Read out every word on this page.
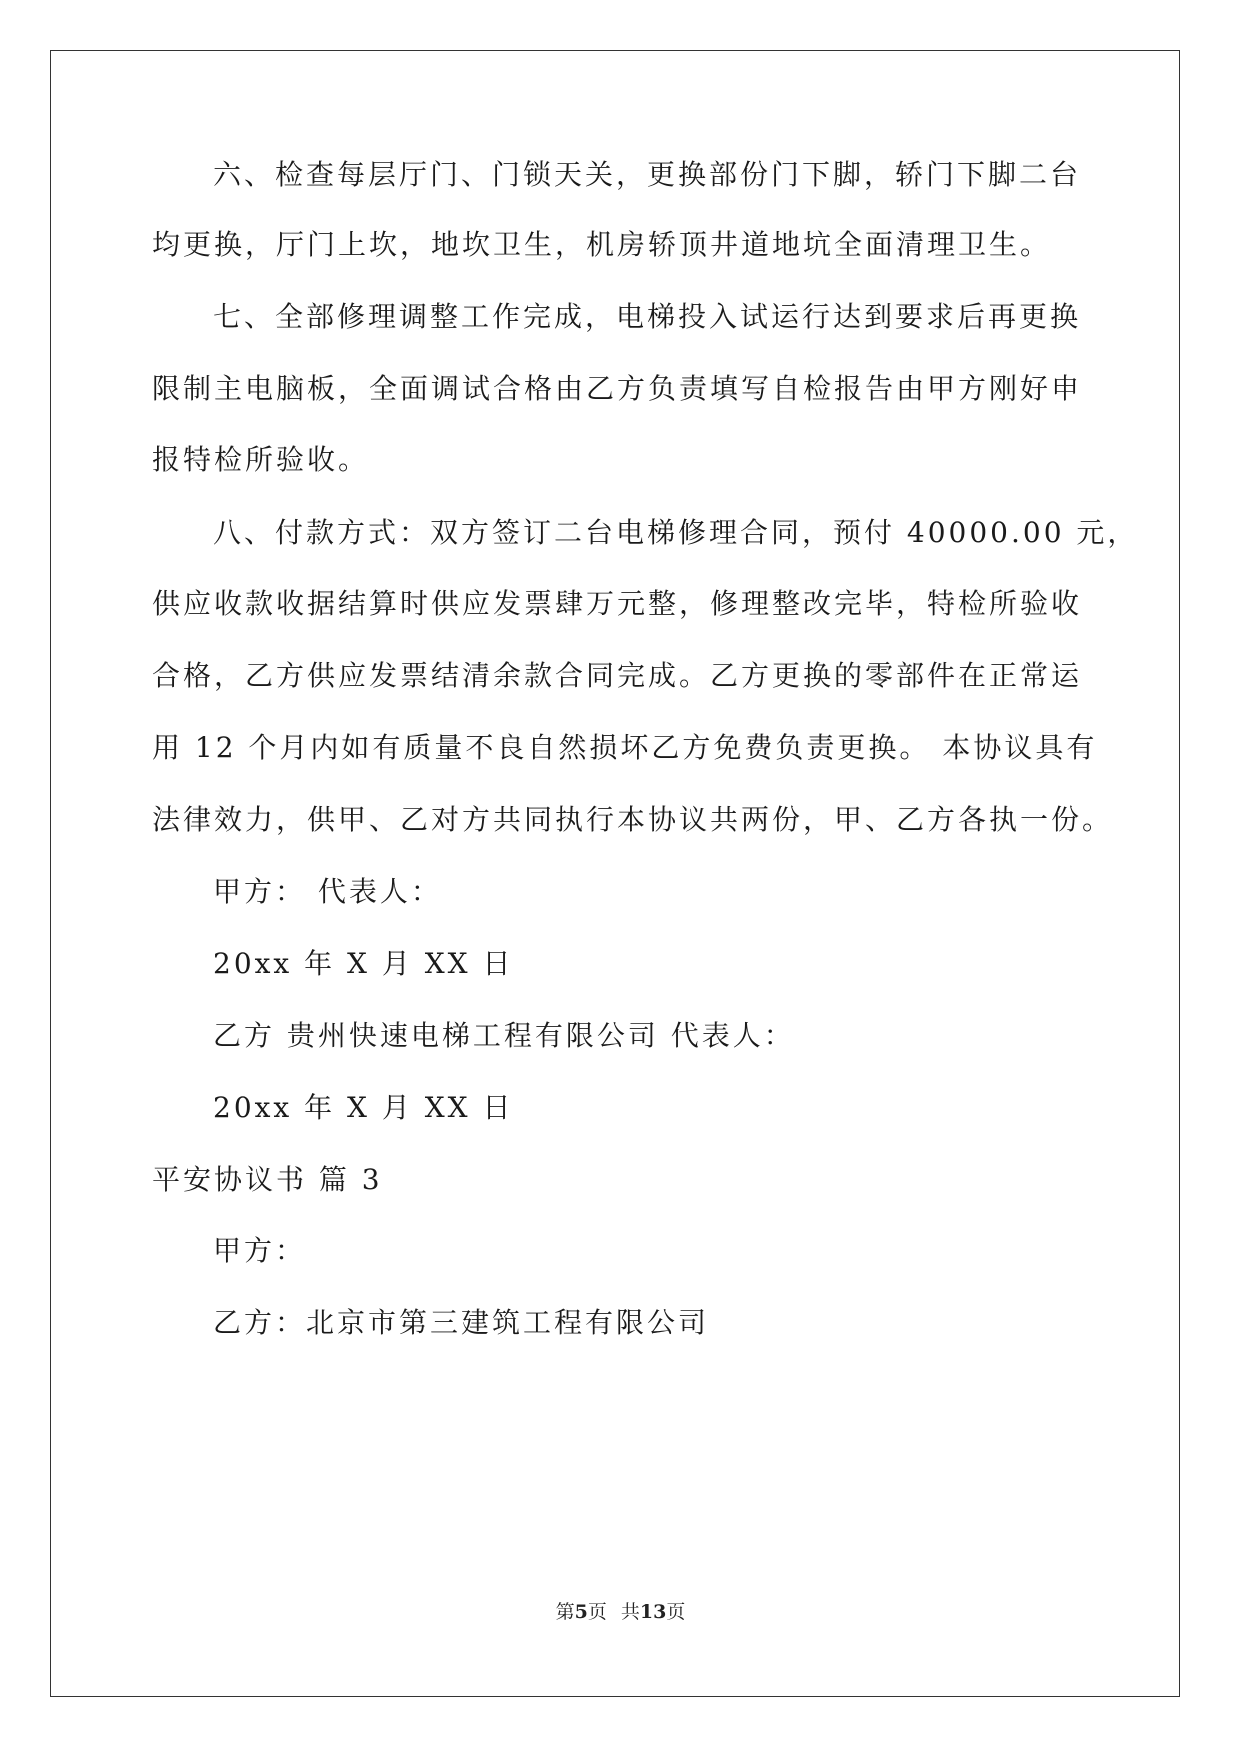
六、检查每层厅门、门锁天关，更换部份门下脚，轿门下脚二台

均更换，厅门上坎，地坎卫生，机房轿顶井道地坑全面清理卫生。

七、全部修理调整工作完成，电梯投入试运行达到要求后再更换

限制主电脑板，全面调试合格由乙方负责填写自检报告由甲方刚好申

报特检所验收。

八、付款方式：双方签订二台电梯修理合同，预付 40000.00 元，

供应收款收据结算时供应发票肆万元整，修理整改完毕，特检所验收

合格，乙方供应发票结清余款合同完成。乙方更换的零部件在正常运

用 12 个月内如有质量不良自然损坏乙方免费负责更换。 本协议具有

法律效力，供甲、乙对方共同执行本协议共两份，甲、乙方各执一份。

甲方： 代表人：

20xx 年 X 月 XX 日

乙方 贵州快速电梯工程有限公司 代表人：

20xx 年 X 月 XX 日

平安协议书 篇 3

甲方：

乙方：北京市第三建筑工程有限公司

第5页 共13页
